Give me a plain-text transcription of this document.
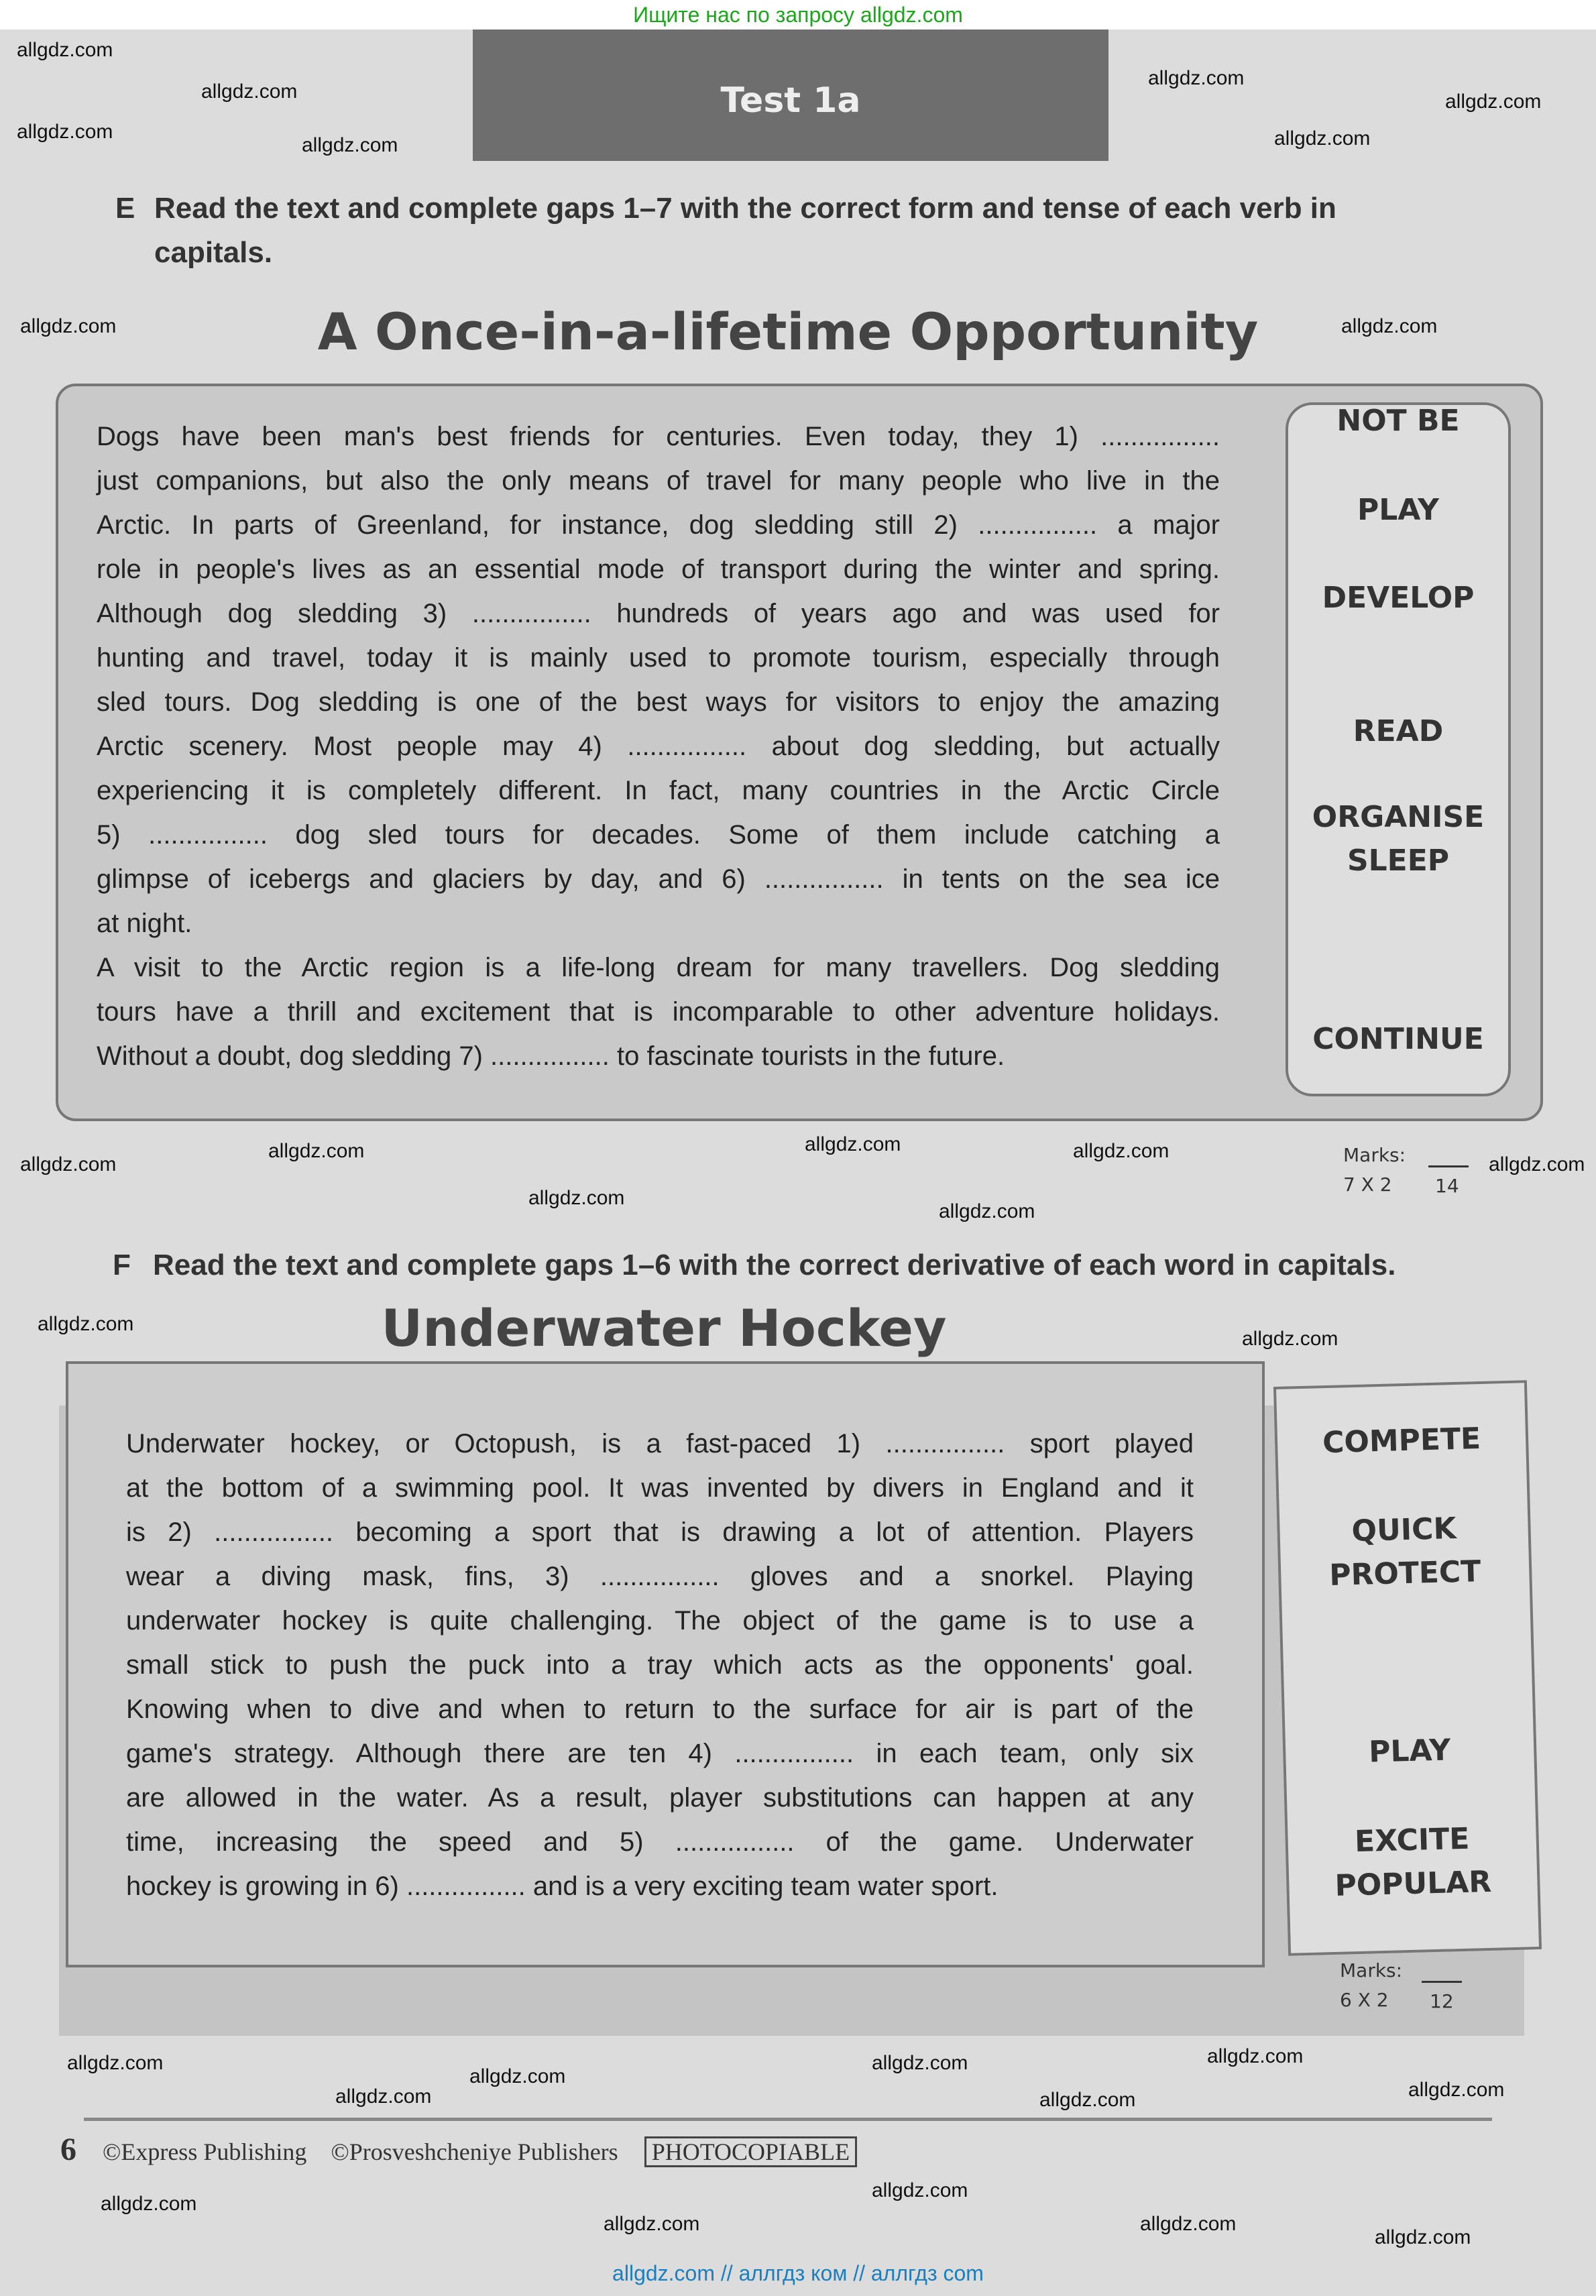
Ищите нас по запросу allgdz.com
Test 1a
E Read the text and complete gaps 1–7 with the correct form and tense of each verb in capitals.
A Once-in-a-lifetime Opportunity
Dogs have been man's best friends for centuries. Even today, they 1) ................
just companions, but also the only means of travel for many people who live in the
Arctic. In parts of Greenland, for instance, dog sledding still 2) ................ a major
role in people's lives as an essential mode of transport during the winter and spring.
Although dog sledding 3) ................ hundreds of years ago and was used for
hunting and travel, today it is mainly used to promote tourism, especially through
sled tours. Dog sledding is one of the best ways for visitors to enjoy the amazing
Arctic scenery. Most people may 4) ................ about dog sledding, but actually
experiencing it is completely different. In fact, many countries in the Arctic Circle
5) ................ dog sled tours for decades. Some of them include catching a
glimpse of icebergs and glaciers by day, and 6) ................ in tents on the sea ice
at night.
A visit to the Arctic region is a life-long dream for many travellers. Dog sledding
tours have a thrill and excitement that is incomparable to other adventure holidays.
Without a doubt, dog sledding 7) ................ to fascinate tourists in the future.
NOT BE
PLAY
DEVELOP
READ
ORGANISE
SLEEP
CONTINUE
Marks:
7 X 2 14
F Read the text and complete gaps 1–6 with the correct derivative of each word in capitals.
Underwater Hockey
Underwater hockey, or Octopush, is a fast-paced 1) ................ sport played
at the bottom of a swimming pool. It was invented by divers in England and it
is 2) ................ becoming a sport that is drawing a lot of attention. Players
wear a diving mask, fins, 3) ................ gloves and a snorkel. Playing
underwater hockey is quite challenging. The object of the game is to use a
small stick to push the puck into a tray which acts as the opponents' goal.
Knowing when to dive and when to return to the surface for air is part of the
game's strategy. Although there are ten 4) ................ in each team, only six
are allowed in the water. As a result, player substitutions can happen at any
time, increasing the speed and 5) ................ of the game. Underwater
hockey is growing in 6) ................ and is a very exciting team water sport.
COMPETE
QUICK
PROTECT
PLAY
EXCITE
POPULAR
Marks:
6 X 2 12
6 ©Express Publishing ©Prosveshcheniye Publishers PHOTOCOPIABLE
allgdz.com
allgdz.com
allgdz.com
allgdz.com
allgdz.com
allgdz.com
allgdz.com
allgdz.com	allgdz.com
allgdz.com
allgdz.com
allgdz.com
allgdz.com	allgdz.com
allgdz.com
allgdz.com
allgdz.com
allgdz.com
allgdz.com
allgdz.com
allgdz.com	allgdz.com
allgdz.com
allgdz.com
allgdz.com
allgdz.com
allgdz.com	allgdz.com
allgdz.com	allgdz.com
allgdz.com // аллгдз ком // аллгдз com
